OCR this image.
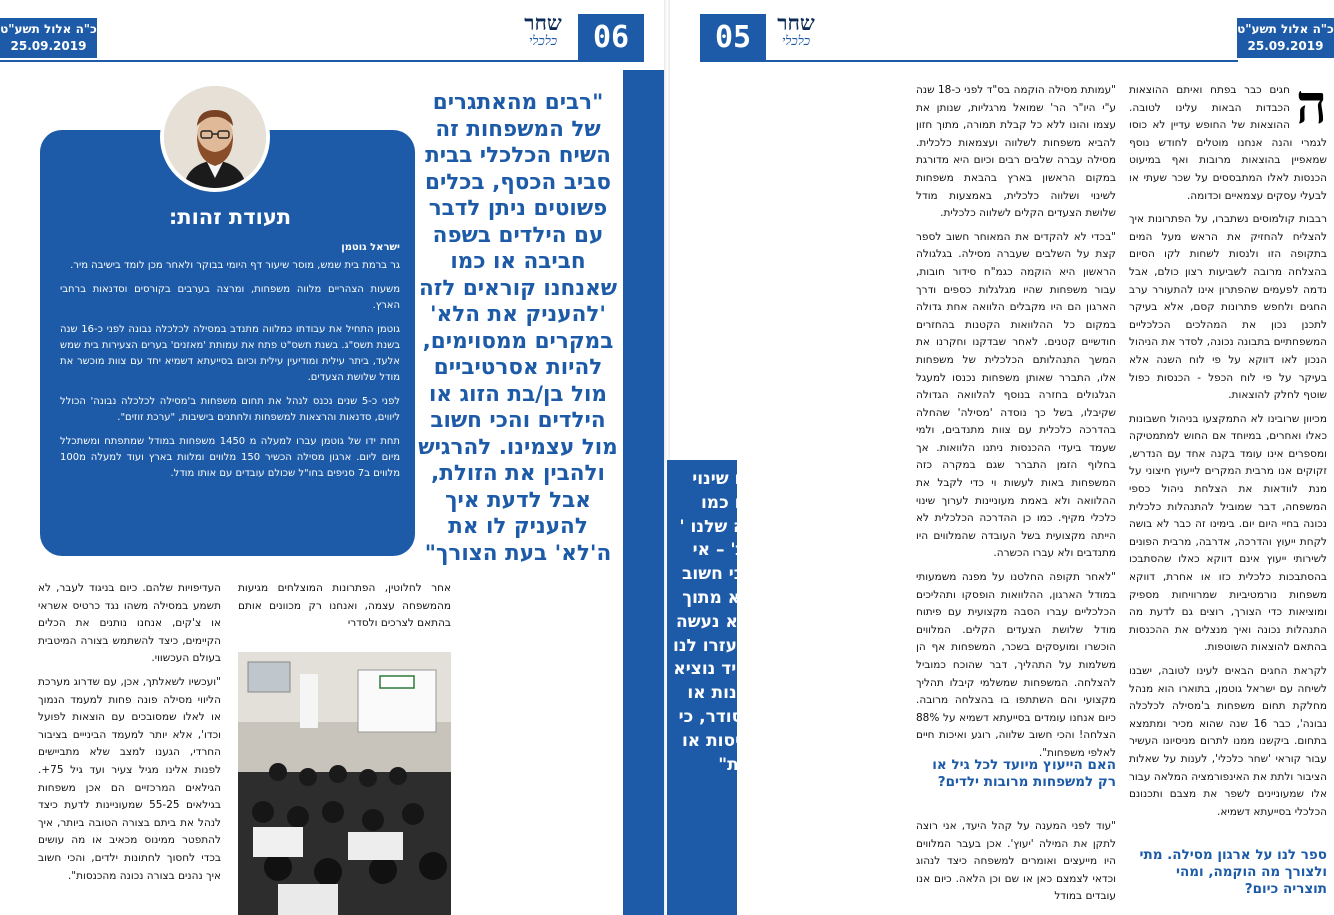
כ"ה אלול תשע"ט
25.09.2019
שחר
כלכלי	06
"רבים מהאתגרים של המשפחות זה השיח הכלכלי בבית סביב הכסף, בכלים פשוטים ניתן לדבר עם הילדים בשפה חביבה או כמו שאנחנו קוראים לזה 'להעניק את הלא' במקרים ממסוימים, להיות אסרטיביים מול בן/בת הזוג או הילדים והכי חשוב מול עצמינו. להרגיש ולהבין את הזולת, אבל לדעת איך להעניק לו את ה'לא' בעת הצורך"
תעודת זהות:

ישראל גוטמן

גר ברמת בית שמש, מוסר שיעור דף היומי בבוקר ולאחר מכן לומד בישיבה מיר.

משעות הצהריים מלווה משפחות, ומרצה בערבים בקורסים וסדנאות ברחבי הארץ.

גוטמן התחיל את עבודתו כמלווה מתנדב במסילה לכלכלה נבונה לפני כ-16 שנה בשנת תשס"ג. בשנת תשס"ט פתח את עמותת 'מאזנים' בערים הצעירות בית שמש אלעד, ביתר עילית ומודיעין עילית וכיום בסייעתא דשמיא יחד עם צוות מוכשר את מודל שלושת הצעדים.

לפני כ-5 שנים נכנס לנהל את תחום משפחות ב'מסילה לכלכלה נבונה' הכולל ליווים, סדנאות והרצאות למשפחות ולחתנים בישיבות, "ערכת זוזים".

תחת ידו של גוטמן עברו למעלה מ 1450 משפחות במודל שמתפתח ומשתכלל מיום ליום. ארגון מסילה הכשיר 150 מלווים ומלוות בארץ ועוד למעלה מ100 מלווים ב7 סניפים בחו"ל שכולם עובדים עם אותו מודל.

אחר לחלוטין, הפתרונות המוצלחים מגיעות מהמשפחה עצמה, ואנחנו רק מכוונים אותם בהתאם לצרכים ולסדרי

העדיפויות שלהם. כיום בניגוד לעבר, לא תשמע במסילה משהו נגד כרטיס אשראי או צ'קים, אנחנו נותנים את הכלים הקיימים, כיצד להשתמש בצורה המיטבית בעולם העכשווי.

"ועכשיו לשאלתך, אכן, עם שדרוג מערכת הליווי מסילה פונה פחות למעמד הנמוך או לאלו שמסובכים עם הוצאות לפועל וכדו', אלא יותר למעמד הבינייים בציבור החרדי, הגענו למצב שלא מתביישים לפנות אלינו מגיל צעיר ועד גיל 75+. הגילאים המרכזיים הם אכן משפחות בגילאים 55-25 שמעוניינות לדעת כיצד לנהל את ביתם בצורה הטובה ביותר, איך להתפטר ממינוס מכאיב או מה עושים בכדי לחסוך לחתונות ילדים, והכי חשוב איך נהנים בצורה נכונה מהכנסות".

05	שחר
כלכלי
כ"ה אלול תשע"ט
25.09.2019
"כל עוד לא עושים שינוי חשיבה אמיתי, או כמו שקוראים לזה בשפה שלנו ' כלכלה התנהגותית' – אי אפשר להתקדם. הכי חשוב שזה ייעשה בכיף ולא מתוך דקדוקי עניות. אם לא נעשה את השינוי הזה, לא יעזרו לנו הגדלת הכנסות, כי מיד נוציא יותר, לא נצליח לבנות או לחיות עם תקציב מסודר, כי ניתקל בכל מיני תפיסות או אמונות מגבילות"

"עמותת מסילה הוקמה בס"ד לפני כ-18 שנה ע"י היו"ר הר' שמואל מרגליות, שנותן את עצמו והונו ללא כל קבלת תמורה, מתוך חזון להביא משפחות לשלווה ועצמאות כלכלית. מסילה עברה שלבים רבים וכיום היא מדורגת במקום הראשון בארץ בהבאת משפחות לשינוי ושלווה כלכלית, באמצעות מודל שלושת הצעדים הקלים לשלווה כלכלית.

"בכדי לא להקדים את המאוחר חשוב לספר קצת על השלבים שעברה מסילה. בגלגולה הראשון היא הוקמה כגמ"ח סידור חובות, עבור משפחות שהיו מגלגלות כספים ודרך הארגון הם היו מקבלים הלוואה אחת גדולה במקום כל ההלוואות הקטנות בהחזרים חודשיים קטנים. לאחר שבדקנו וחקרנו את המשך התנהלותם הכלכלית של משפחות אלו, התברר שאותן משפחות נכנסו למעגל הגלגולים בחזרה בנוסף להלוואה הגדולה שקיבלו, בשל כך נוסדה 'מסילה' שהחלה בהדרכה כלכלית עם צוות מתנדבים, ולמי שעמד ביעדי ההכנסות ניתנו הלוואות. אך בחלוף הזמן התברר שגם במקרה כזה המשפחות באות לעשות וי כדי לקבל את ההלוואה ולא באמת מעוניינות לערוך שינוי כלכלי מקיף. כמו כן ההדרכה הכלכלית לא הייתה מקצועית בשל העובדה שהמלווים היו מתנדבים ולא עברו הכשרה.

"לאחר תקופה החלטנו על מפנה משמעותי במודל הארגון, ההלוואות הופסקו ותהליכים הכלכליים עברו הסבה מקצועית עם פיתוח מודל שלושת הצעדים הקלים. המלווים הוכשרו ומועסקים בשכר, המשפחות אף הן משלמות על התהליך, דבר שהוכח כמוביל להצלחה. המשפחות שמשלמי קיבלו תהליך מקצועי והם השתתפו בו בהצלחה מרובה. כיום אנחנו עומדים בסייעתא דשמיא על 88% הצלחה! והכי חשוב שלווה, רוגע ואיכות חיים לאלפי משפחות".

האם הייעוץ מיועד לכל גיל או רק למשפחות מרובות ילדים?

"עוד לפני המענה על קהל היעד, אני רוצה לתקן את המילה 'יעוץ'. אכן בעבר המלווים היו מייעצים ואומרים למשפחה כיצד לנהוג וכדאי לצמצם כאן או שם וכן הלאה. כיום אנו עובדים במודל

ה

חגים כבר בפתח ואיתם ההוצאות הכבדות הבאות עלינו לטובה. ההוצאות של החופש עדיין לא כוסו לגמרי והנה אנחנו מוטלים לחודש נוסף שמאפיין בהוצאות מרובות ואף במיעוט הכנסות לאלו המתבססים על שכר שעתי או לבעלי עסקים עצמאיים וכדומה.

רבבות קולמוסים נשתברו, על הפתרונות איך להצליח להחזיק את הראש מעל המים בתקופה הזו ולנסות לשחות לקו הסיום בהצלחה מרובה לשביעות רצון כולם, אבל נדמה לפעמים שהפתרון אינו להתעורר ערב החגים ולחפש פתרונות קסם, אלא בעיקר לתכנן נכון את המהלכים הכלכליים המשפחתיים בתבונה נכונה, לסדר את הניהול הנכון לאו דווקא על פי לוח השנה אלא בעיקר על פי לוח הכפל - הכנסות כפול שוטף לחלק להוצאות.

מכיוון שרובינו לא התמקצעו בניהול חשבונות כאלו ואחרים, במיוחד אם החוש למתמטיקה ומספרים אינו עומד בקנה אחד עם הנדרש, זקוקים אנו מרבית המקרים לייעוץ חיצוני על מנת לוודאות את הצלחת ניהול כספי המשפחה, דבר שמוביל להתנהלות כלכלית נכונה בחיי היום יום. בימינו זה כבר לא בושה לקחת ייעוץ והדרכה, אדרבה, מרבית הפונים לשירותי ייעוץ אינם דווקא כאלו שהסתבכו בהסתבכות כלכלית כזו או אחרת, דווקא משפחות נורמטיביות שמרוויחות מספיק ומוציאות כדי הצורך, רוצים גם לדעת מה התנהלות נכונה ואיך מנצלים את ההכנסות בהתאם להוצאות השוטפות.

לקראת החגים הבאים לעינו לטובה, ישבנו לשיחה עם ישראל גוטמן, בתוארו הוא מנהל מחלקת תחום משפחות ב'מסילה לכלכלה נבונה', כבר 16 שנה שהוא מכיר ומתמצא בתחום. ביקשנו ממנו לתרום מניסיונו העשיר עבור קוראי 'שחר כלכלי', לענות על שאלות הציבור ולתת את האינפורמציה המלאה עבור אלו שמעוניינים לשפר את מצבם ותכנונם הכלכלי בסייעתא דשמיא.

ספר לנו על ארגון מסילה. מתי ולצורך מה הוקמה, ומהי תוצריה כיום?
